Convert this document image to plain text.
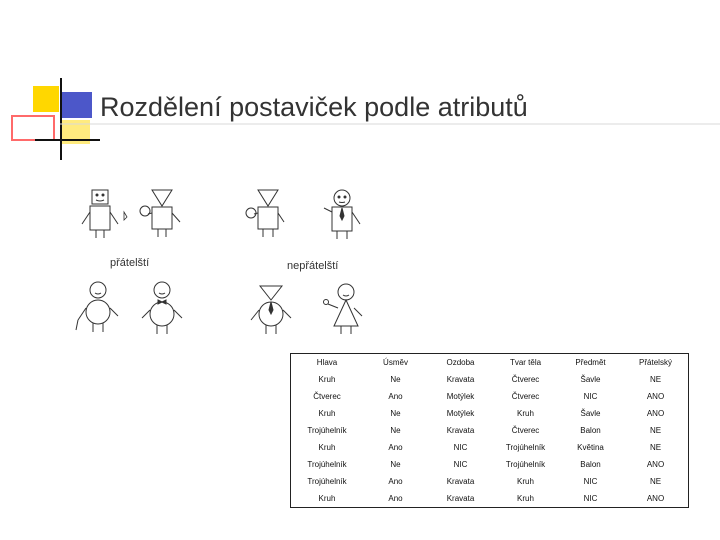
Rozdělení postaviček podle atributů
přátelští	nepřátelští
Hlava	Úsměv	Ozdoba	Tvar těla	Předmět	Přátelský
Kruh	Ne	Kravata	Čtverec	Šavle	NE
Čtverec	Ano	Motýlek	Čtverec	NIC	ANO
Kruh	Ne	Motýlek	Kruh	Šavle	ANO
Trojúhelník	Ne	Kravata	Čtverec	Balon	NE
Kruh	Ano	NIC	Trojúhelník	Květina	NE
Trojúhelník	Ne	NIC	Trojúhelník	Balon	ANO
Trojúhelník	Ano	Kravata	Kruh	NIC	NE
Kruh	Ano	Kravata	Kruh	NIC	ANO
